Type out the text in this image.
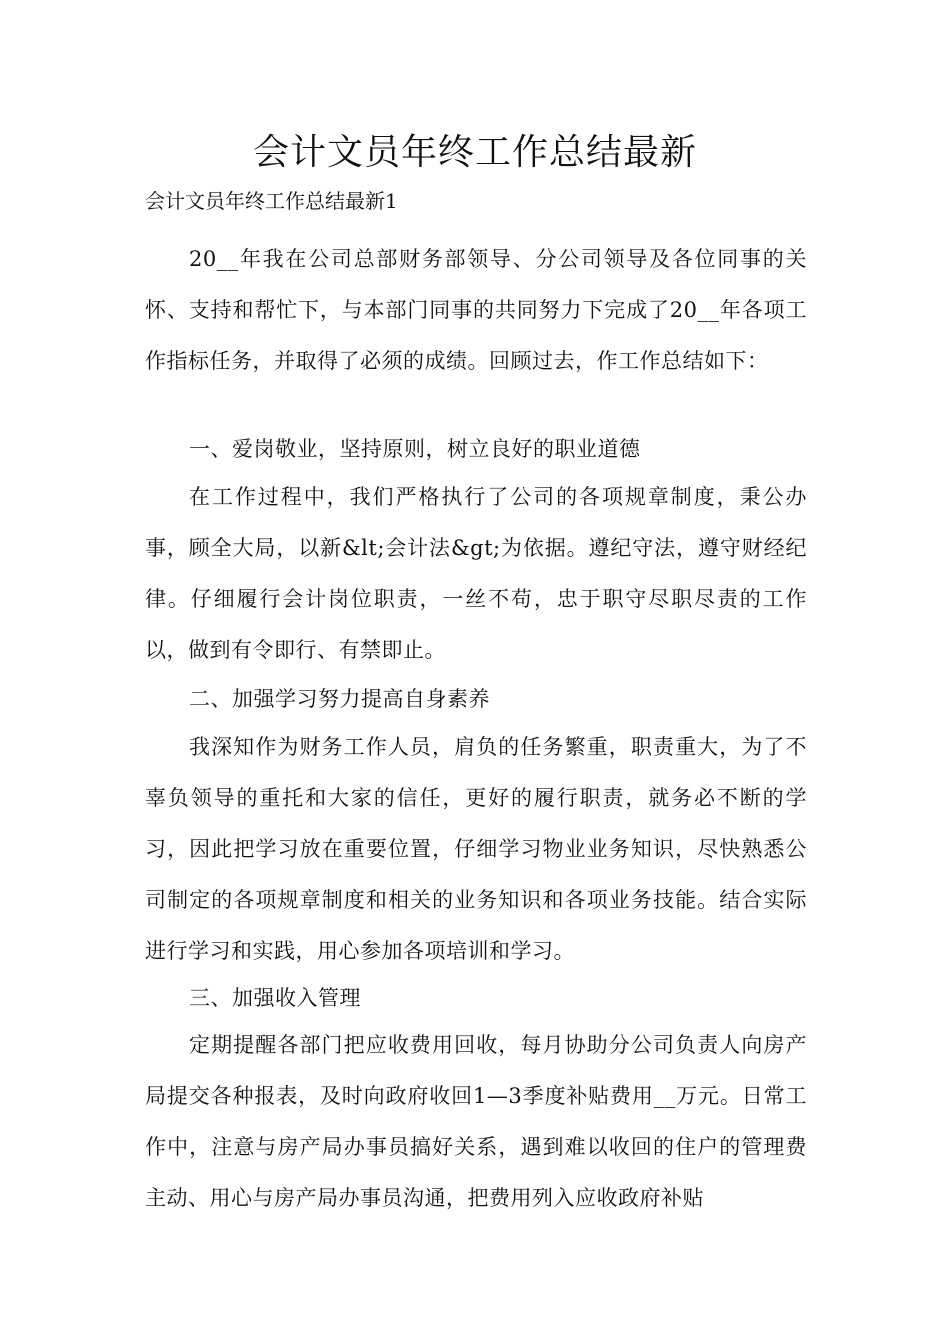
会计文员年终工作总结最新

会计文员年终工作总结最新1

20__年我在公司总部财务部领导、分公司领导及各位同事的关怀、支持和帮忙下，与本部门同事的共同努力下完成了20__年各项工作指标任务，并取得了必须的成绩。回顾过去，作工作总结如下：

一、爱岗敬业，坚持原则，树立良好的职业道德

在工作过程中，我们严格执行了公司的各项规章制度，秉公办事，顾全大局，以新&lt;会计法&gt;为依据。遵纪守法，遵守财经纪律。仔细履行会计岗位职责，一丝不苟，忠于职守尽职尽责的工作以，做到有令即行、有禁即止。

二、加强学习努力提高自身素养

我深知作为财务工作人员，肩负的任务繁重，职责重大，为了不辜负领导的重托和大家的信任，更好的履行职责，就务必不断的学习，因此把学习放在重要位置，仔细学习物业业务知识，尽快熟悉公司制定的各项规章制度和相关的业务知识和各项业务技能。结合实际进行学习和实践，用心参加各项培训和学习。

三、加强收入管理

定期提醒各部门把应收费用回收，每月协助分公司负责人向房产局提交各种报表，及时向政府收回1—3季度补贴费用__万元。日常工作中，注意与房产局办事员搞好关系，遇到难以收回的住户的管理费主动、用心与房产局办事员沟通，把费用列入应收政府补贴
